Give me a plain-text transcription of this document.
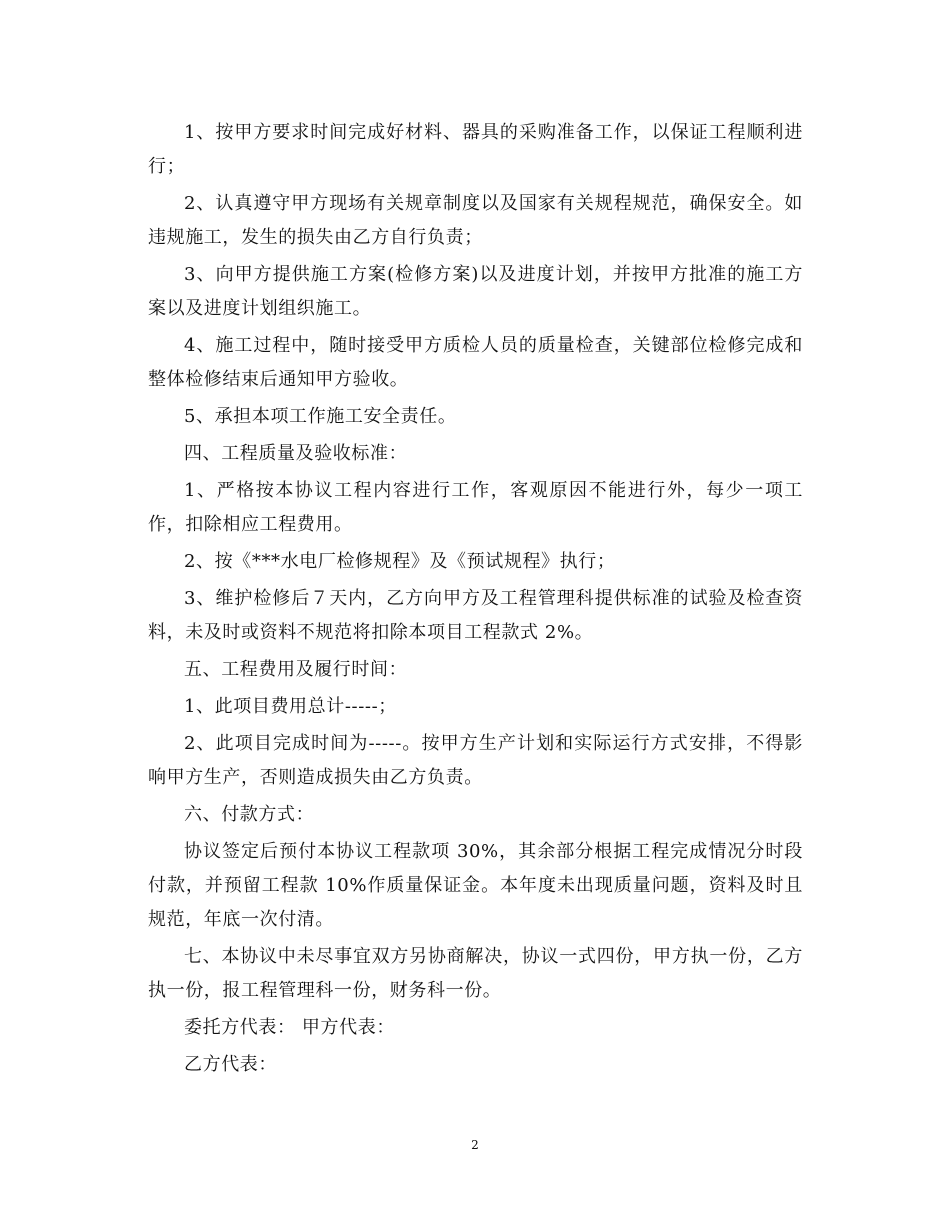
1、按甲方要求时间完成好材料、器具的采购准备工作，以保证工程顺利进行；

2、认真遵守甲方现场有关规章制度以及国家有关规程规范，确保安全。如违规施工，发生的损失由乙方自行负责；

3、向甲方提供施工方案(检修方案)以及进度计划，并按甲方批准的施工方案以及进度计划组织施工。

4、施工过程中，随时接受甲方质检人员的质量检查，关键部位检修完成和整体检修结束后通知甲方验收。

5、承担本项工作施工安全责任。

四、工程质量及验收标准：

1、严格按本协议工程内容进行工作，客观原因不能进行外，每少一项工作，扣除相应工程费用。

2、按《***水电厂检修规程》及《预试规程》执行；

3、维护检修后７天内，乙方向甲方及工程管理科提供标准的试验及检查资料，未及时或资料不规范将扣除本项目工程款式 2%。

五、工程费用及履行时间：

1、此项目费用总计-----；

2、此项目完成时间为-----。按甲方生产计划和实际运行方式安排，不得影响甲方生产，否则造成损失由乙方负责。

六、付款方式：

协议签定后预付本协议工程款项 30%，其余部分根据工程完成情况分时段付款，并预留工程款 10%作质量保证金。本年度未出现质量问题，资料及时且规范，年底一次付清。

七、本协议中未尽事宜双方另协商解决，协议一式四份，甲方执一份，乙方执一份，报工程管理科一份，财务科一份。

委托方代表： 甲方代表：

乙方代表：

2
